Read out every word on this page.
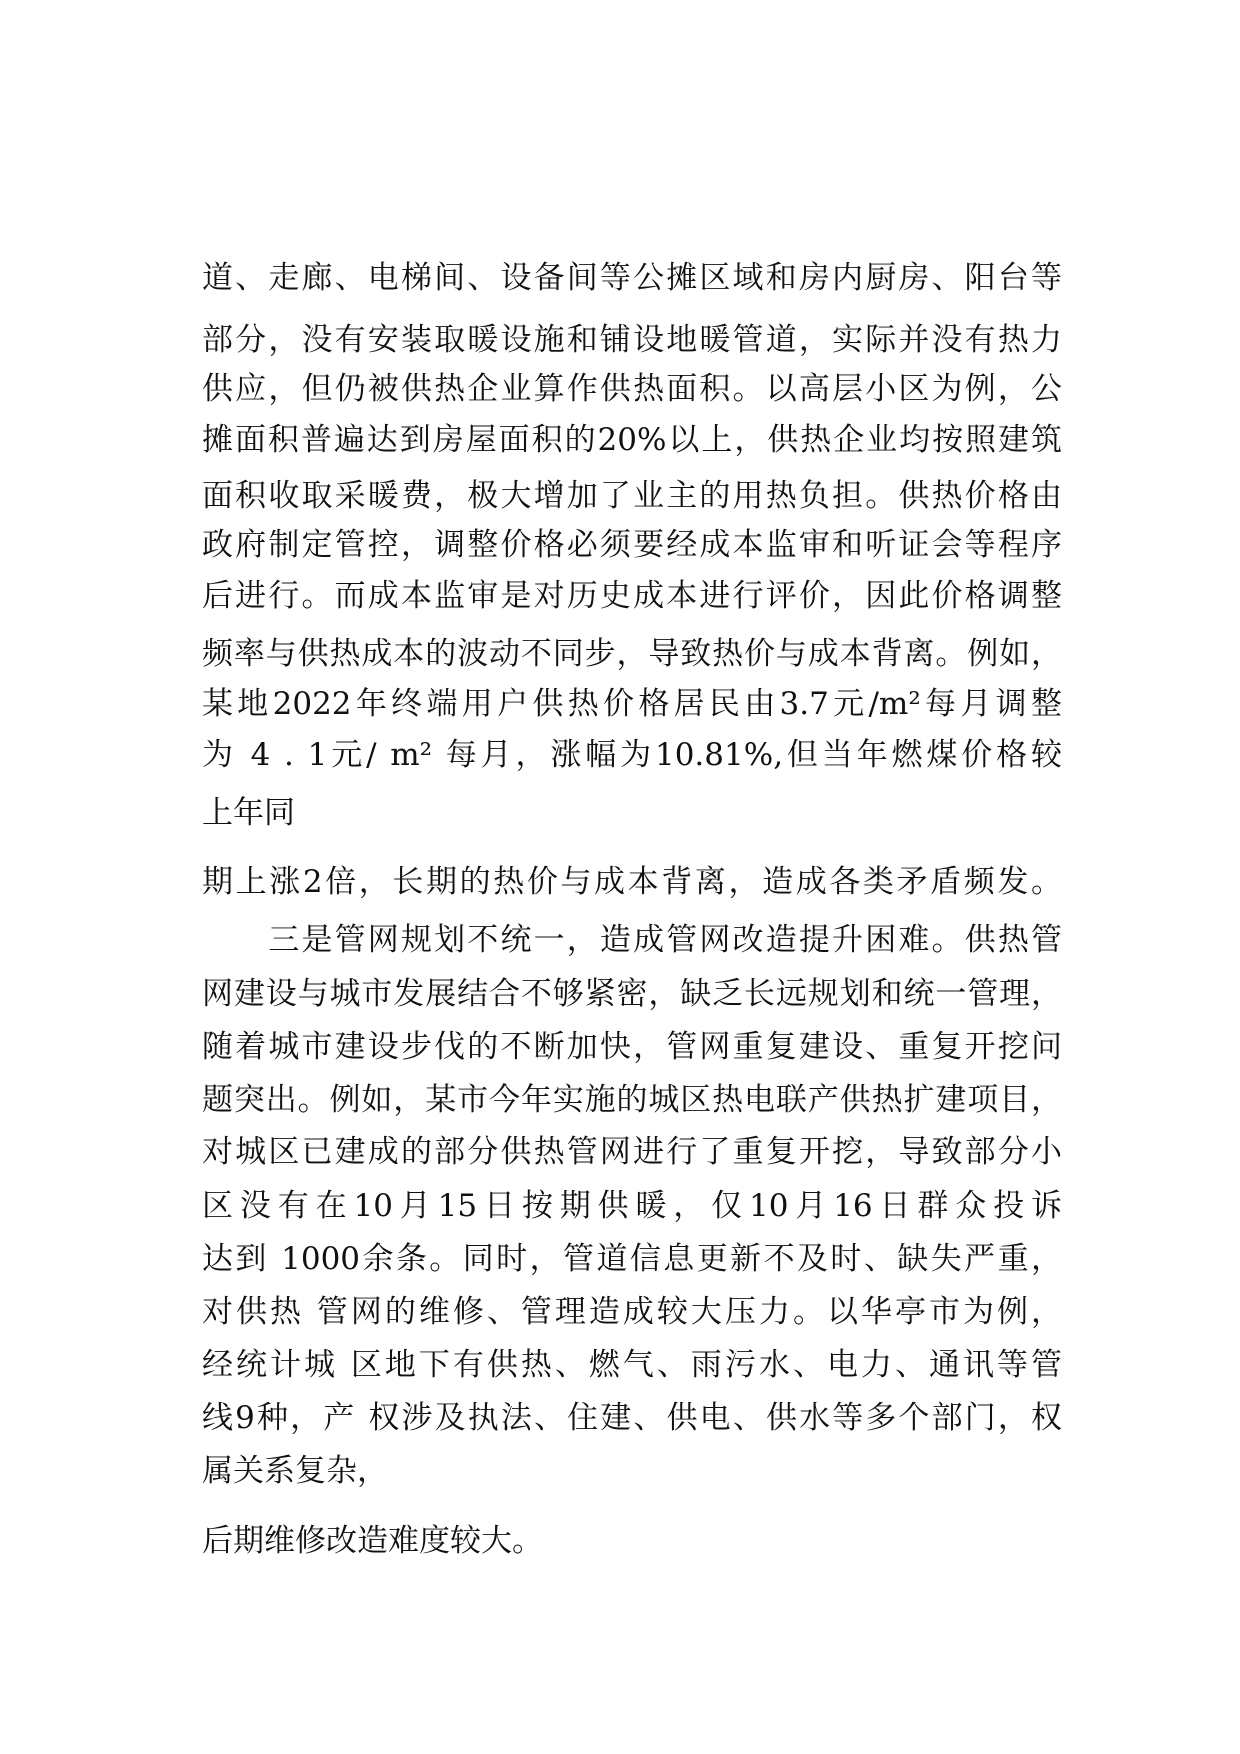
道、走廊、电梯间、设备间等公摊区域和房内厨房、阳台等
部分，没有安装取暖设施和铺设地暖管道，实际并没有热力
供应，但仍被供热企业算作供热面积。以高层小区为例，公
摊面积普遍达到房屋面积的20%以上，供热企业均按照建筑
面积收取采暖费，极大增加了业主的用热负担。供热价格由
政府制定管控，调整价格必须要经成本监审和听证会等程序
后进行。而成本监审是对历史成本进行评价，因此价格调整
频率与供热成本的波动不同步，导致热价与成本背离。例如，
某地2022年终端用户供热价格居民由3.7元/m²每月调整
为 4 . 1元/ m² 每月，涨幅为10.81%,但当年燃煤价格较
上年同
期上涨2倍，长期的热价与成本背离，造成各类矛盾频发。
　　三是管网规划不统一，造成管网改造提升困难。供热管
网建设与城市发展结合不够紧密，缺乏长远规划和统一管理，
随着城市建设步伐的不断加快，管网重复建设、重复开挖问
题突出。例如，某市今年实施的城区热电联产供热扩建项目，
对城区已建成的部分供热管网进行了重复开挖，导致部分小
区没有在10月15日按期供暖，仅10月16日群众投诉
达到 1000余条。同时，管道信息更新不及时、缺失严重，
对供热 管网的维修、管理造成较大压力。以华亭市为例，
经统计城 区地下有供热、燃气、雨污水、电力、通讯等管
线9种，产 权涉及执法、住建、供电、供水等多个部门，权
属关系复杂，
后期维修改造难度较大。
